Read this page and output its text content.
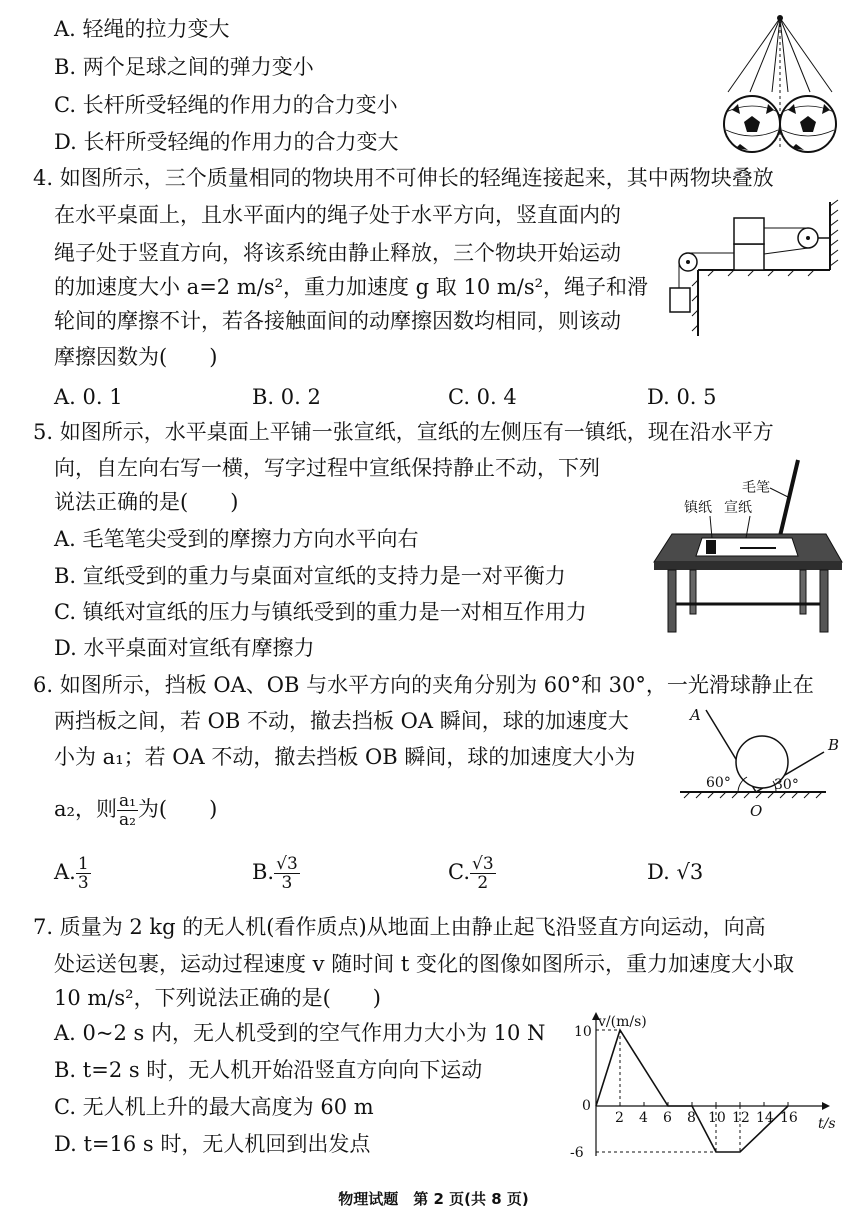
A. 轻绳的拉力变大
B. 两个足球之间的弹力变小
C. 长杆所受轻绳的作用力的合力变小
D. 长杆所受轻绳的作用力的合力变大
4. 如图所示，三个质量相同的物块用不可伸长的轻绳连接起来，其中两物块叠放
在水平桌面上，且水平面内的绳子处于水平方向，竖直面内的
绳子处于竖直方向，将该系统由静止释放，三个物块开始运动
的加速度大小 a=2 m/s²，重力加速度 g 取 10 m/s²，绳子和滑
轮间的摩擦不计，若各接触面间的动摩擦因数均相同，则该动
摩擦因数为(　　)
A. 0. 1	B. 0. 2	C. 0. 4	D. 0. 5
5. 如图所示，水平桌面上平铺一张宣纸，宣纸的左侧压有一镇纸，现在沿水平方
向，自左向右写一横，写字过程中宣纸保持静止不动，下列
说法正确的是(　　)
A. 毛笔笔尖受到的摩擦力方向水平向右
B. 宣纸受到的重力与桌面对宣纸的支持力是一对平衡力
C. 镇纸对宣纸的压力与镇纸受到的重力是一对相互作用力
D. 水平桌面对宣纸有摩擦力
毛笔
镇纸 宣纸
6. 如图所示，挡板 OA、OB 与水平方向的夹角分别为 60°和 30°，一光滑球静止在
两挡板之间，若 OB 不动，撤去挡板 OA 瞬间，球的加速度大
小为 a₁；若 OA 不动，撤去挡板 OB 瞬间，球的加速度大小为
a₂，则 $\frac{\text{a₁}}{\text{a₂}}$ 为(　　)
A. $\frac{1}{3}$	B. $\frac{√3}{3}$	C. $\frac{√3}{2}$	D. √3
A
B
O
60°	30°
7. 质量为 2 kg 的无人机(看作质点)从地面上由静止起飞沿竖直方向运动，向高
处运送包裹，运动过程速度 v 随时间 t 变化的图像如图所示，重力加速度大小取
10 m/s²，下列说法正确的是(　　)
A. 0~2 s 内，无人机受到的空气作用力大小为 10 N
B. t=2 s 时，无人机开始沿竖直方向向下运动
C. 无人机上升的最大高度为 60 m
D. t=16 s 时，无人机回到出发点
v/(m/s)
t/s
10
0
-6
2 4 6 8 10 12 14 16
物理试题　第 2 页(共 8 页)
